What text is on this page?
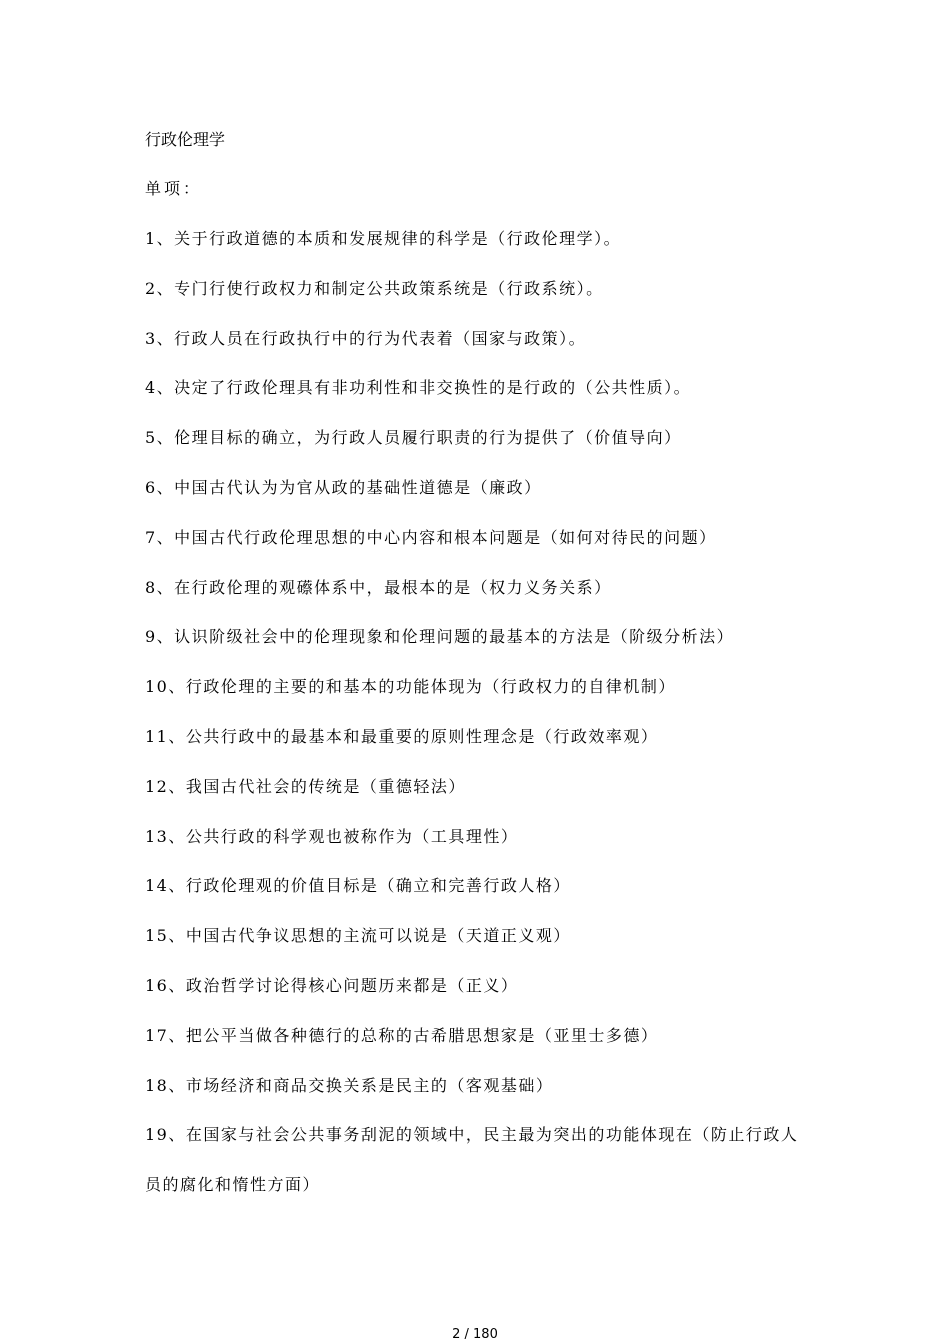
行政伦理学
单项：
1、关于行政道德的本质和发展规律的科学是（行政伦理学）。
2、专门行使行政权力和制定公共政策系统是（行政系统）。
3、行政人员在行政执行中的行为代表着（国家与政策）。
4、决定了行政伦理具有非功利性和非交换性的是行政的（公共性质）。
5、伦理目标的确立，为行政人员履行职责的行为提供了（价值导向）
6、中国古代认为为官从政的基础性道德是（廉政）
7、中国古代行政伦理思想的中心内容和根本问题是（如何对待民的问题）
8、在行政伦理的观礤体系中，最根本的是（权力义务关系）
9、认识阶级社会中的伦理现象和伦理问题的最基本的方法是（阶级分析法）
10、行政伦理的主要的和基本的功能体现为（行政权力的自律机制）
11、公共行政中的最基本和最重要的原则性理念是（行政效率观）
12、我国古代社会的传统是（重德轻法）
13、公共行政的科学观也被称作为（工具理性）
14、行政伦理观的价值目标是（确立和完善行政人格）
15、中国古代争议思想的主流可以说是（天道正义观）
16、政治哲学讨论得核心问题历来都是（正义）
17、把公平当做各种德行的总称的古希腊思想家是（亚里士多德）
18、市场经济和商品交换关系是民主的（客观基础）
19、在国家与社会公共事务刮泥的领域中，民主最为突出的功能体现在（防止行政人员的腐化和惰性方面）
2 / 180
